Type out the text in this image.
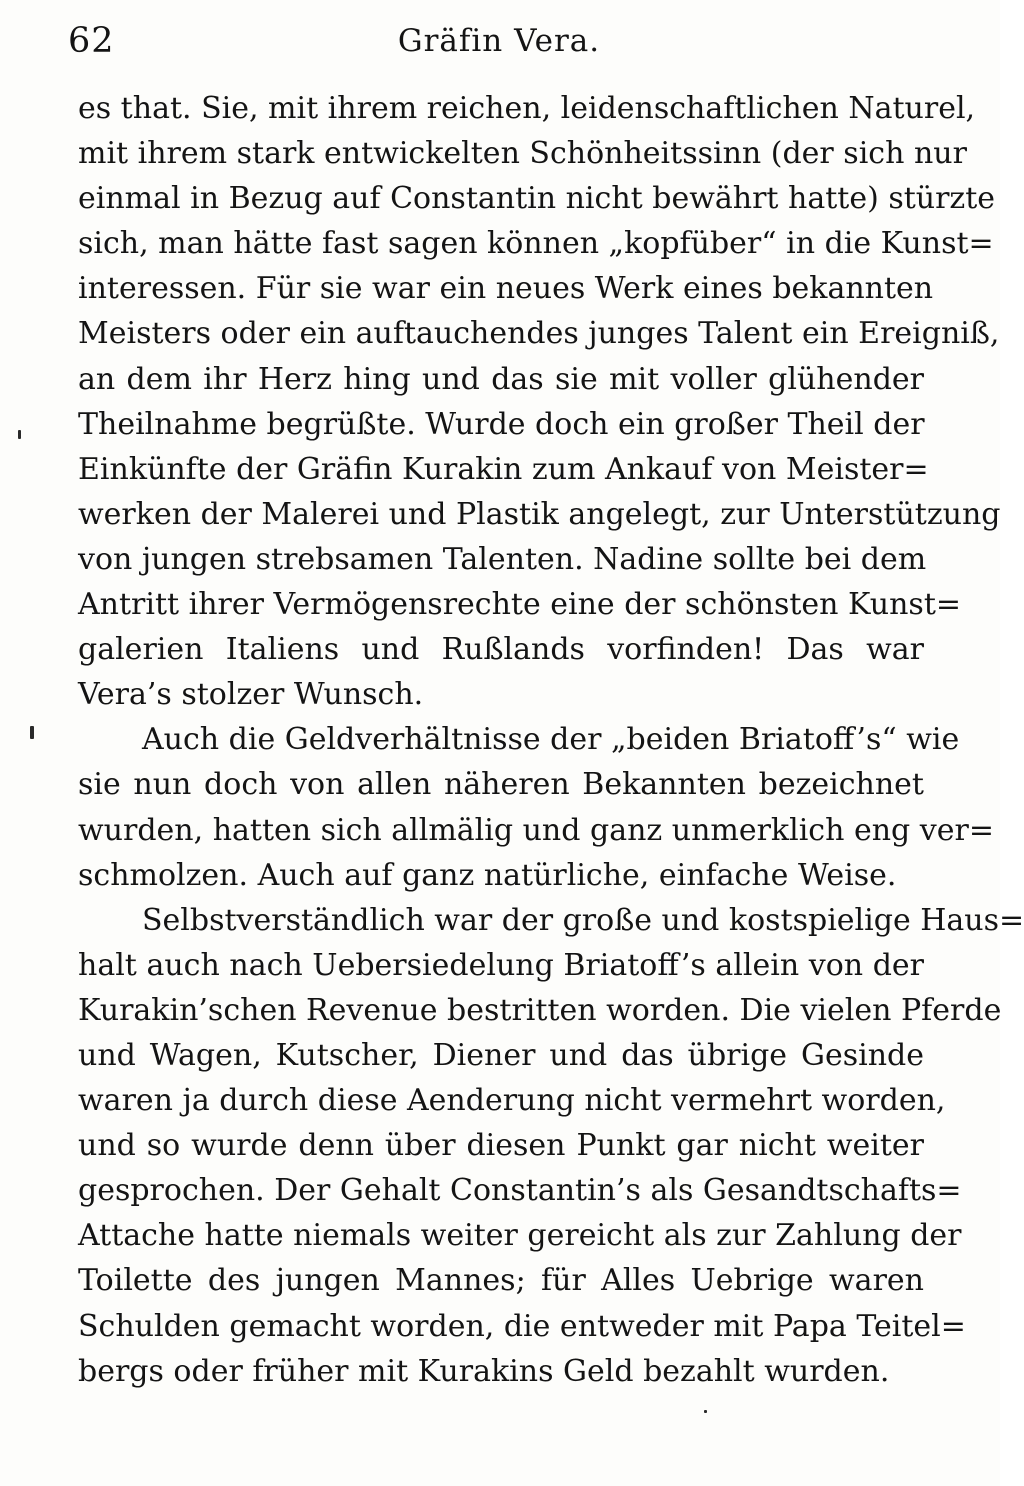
62	Gräfin Vera.
es that. Sie, mit ihrem reichen, leidenschaftlichen Naturel,
mit ihrem stark entwickelten Schönheitssinn (der sich nur
einmal in Bezug auf Constantin nicht bewährt hatte) stürzte
sich, man hätte fast sagen können „kopfüber“ in die Kunst=
interessen. Für sie war ein neues Werk eines bekannten
Meisters oder ein auftauchendes junges Talent ein Ereigniß,
an dem ihr Herz hing und das sie mit voller glühender
Theilnahme begrüßte. Wurde doch ein großer Theil der
Einkünfte der Gräfin Kurakin zum Ankauf von Meister=
werken der Malerei und Plastik angelegt, zur Unterstützung
von jungen strebsamen Talenten. Nadine sollte bei dem
Antritt ihrer Vermögensrechte eine der schönsten Kunst=
galerien Italiens und Rußlands vorfinden! Das war
Vera’s stolzer Wunsch.
Auch die Geldverhältnisse der „beiden Briatoff’s“ wie
sie nun doch von allen näheren Bekannten bezeichnet
wurden, hatten sich allmälig und ganz unmerklich eng ver=
schmolzen. Auch auf ganz natürliche, einfache Weise.
Selbstverständlich war der große und kostspielige Haus=
halt auch nach Uebersiedelung Briatoff’s allein von der
Kurakin’schen Revenue bestritten worden. Die vielen Pferde
und Wagen, Kutscher, Diener und das übrige Gesinde
waren ja durch diese Aenderung nicht vermehrt worden,
und so wurde denn über diesen Punkt gar nicht weiter
gesprochen. Der Gehalt Constantin’s als Gesandtschafts=
Attache hatte niemals weiter gereicht als zur Zahlung der
Toilette des jungen Mannes; für Alles Uebrige waren
Schulden gemacht worden, die entweder mit Papa Teitel=
bergs oder früher mit Kurakins Geld bezahlt wurden.
